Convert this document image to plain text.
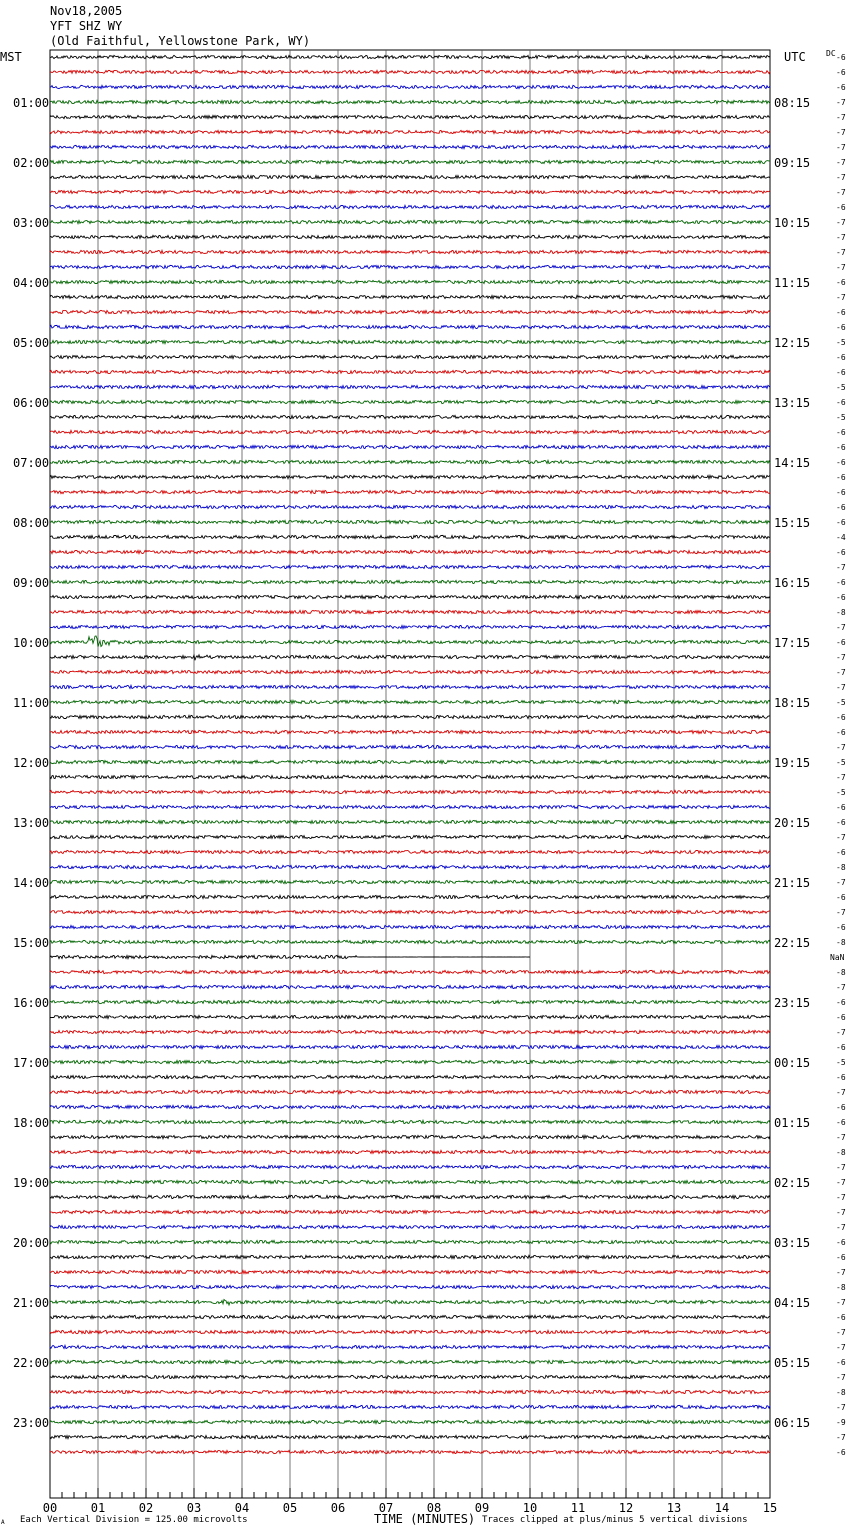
Nov18,2005
YFT SHZ WY
(Old Faithful, Yellowstone Park, WY)
MST	UTC	DC -6
-6
-6
-7
-7
-7
-7
-7
-7
-7
-6
-7
-7
-7
-7
-6
-7
-6
-6
-5
-6
-6
-5
-6
-5
-6
-6
-6
-6
-6
-6
-6
-4
-6
-7
-6
-6
-8
-7
-6
-7
-7
-7
-5
-6
-6
-7
-5
-7
-5
-6
-6
-7
-6
-8
-7
-6
-7
-6
-8
NaN
-8
-7
-6
-6
-7
-6
-5
-6
-7
-6
-6
-7
-8
-7
-7
-7
-7
-7
-6
-6
-7
-8
-7
-6
-7
-7
-6
-7
-8
-7
-9
-7
-6
01:00
02:00
03:00
04:00
05:00
06:00
07:00
08:00
09:00
10:00
11:00
12:00
13:00
14:00
15:00
16:00
17:00
18:00
19:00
20:00
21:00
22:00
23:00
08:15
09:15
10:15
11:15
12:15
13:15
14:15
15:15
16:15
17:15
18:15
19:15
20:15
21:15
22:15
23:15
00:15
01:15
02:15
03:15
04:15
05:15
06:15
00	01	02	03	04	05	06	07	08	09	10	11	12	13	14	15
A Each Vertical Division = 125.00 microvolts	TIME (MINUTES) Traces clipped at plus/minus 5 vertical divisions
